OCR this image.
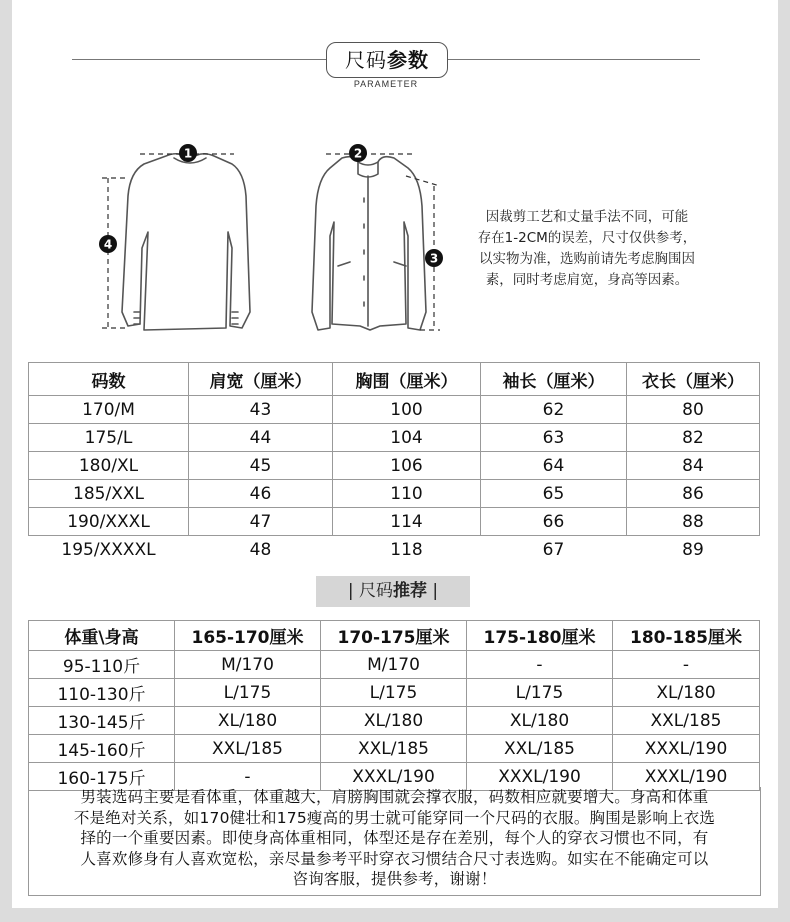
尺码参数
PARAMETER
1	2
3
4
因裁剪工艺和丈量手法不同，可能
存在1-2CM的误差，尺寸仅供参考，
以实物为准，选购前请先考虑胸围因
素，同时考虑肩宽，身高等因素。
码数	肩宽（厘米）	胸围（厘米）	袖长（厘米）	衣长（厘米）
170/M	43	100	62	80
175/L	44	104	63	82
180/XL	45	106	64	84
185/XXL	46	110	65	86
190/XXXL	47	114	66	88
195/XXXXL	48	118	67	89
| 尺码推荐 |
体重\身高	165-170厘米	170-175厘米	175-180厘米	180-185厘米
95-110斤	M/170	M/170	-	-
110-130斤	L/175	L/175	L/175	XL/180
130-145斤	XL/180	XL/180	XL/180	XXL/185
145-160斤	XXL/185	XXL/185	XXL/185	XXXL/190
160-175斤	-	XXXL/190	XXXL/190	XXXL/190
男装选码主要是看体重，体重越大，肩膀胸围就会撑衣服，码数相应就要增大。身高和体重
不是绝对关系，如170健壮和175瘦高的男士就可能穿同一个尺码的衣服。胸围是影响上衣选
择的一个重要因素。即使身高体重相同，体型还是存在差别，每个人的穿衣习惯也不同，有
人喜欢修身有人喜欢宽松，亲尽量参考平时穿衣习惯结合尺寸表选购。如实在不能确定可以
咨询客服，提供参考，谢谢！
